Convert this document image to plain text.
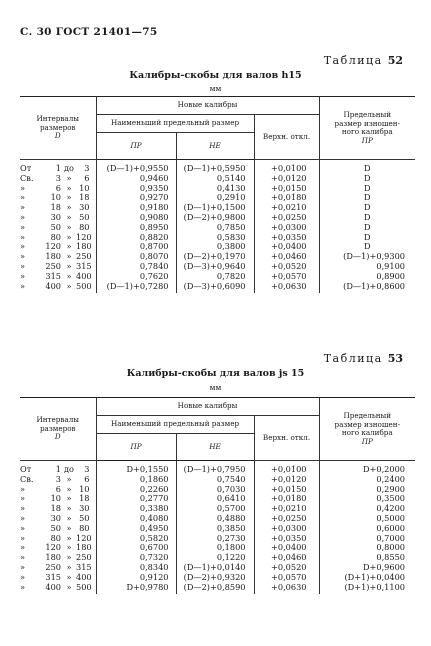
С. 30 ГОСТ 21401—75
Таблица 52
Калибры-скобы для валов h15
мм
Интервалы
размеров
D				Новые калибры			Предельный
размер изношен-
ного калибра
ПР
				Наименьший предельный размер		Верхн. откл.	
				ПР	НЕ		
От	1	до	3	(D—1)+0,9550	(D—1)+0,5950	+0,0100	D
Св.	3	»	6	0,9460	0,5140	+0,0120	D
»	6	»	10	0,9350	0,4130	+0,0150	D
»	10	»	18	0,9270	0,2910	+0,0180	D
»	18	»	30	0,9180	(D—1)+0,1500	+0,0210	D
»	30	»	50	0,9080	(D—2)+0,9800	+0,0250	D
»	50	»	80	0,8950	0,7850	+0,0300	D
»	80	»	120	0,8820	0,5830	+0,0350	D
»	120	»	180	0,8700	0,3800	+0,0400	D
»	180	»	250	0,8070	(D—2)+0,1970	+0,0460	(D—1)+0,9300
»	250	»	315	0,7840	(D—3)+0,9640	+0,0520	0,9100
»	315	»	400	0,7620	0,7820	+0,0570	0,8900
»	400	»	500	(D—1)+0,7280	(D—3)+0,6090	+0,0630	(D—1)+0,8600
Таблица 53
Калибры-скобы для валов js 15
мм
Интервалы
размеров
D				Новые калибры			Предельный
размер изношен-
ного калибра
ПР
				Наименьший предельный размер		Верхн. откл.	
				ПР	НЕ		
От	1	до	3	D+0,1550	(D—1)+0,7950	+0,0100	D+0,2000
Св.	3	»	6	0,1860	0,7540	+0,0120	0,2400
»	6	»	10	0,2260	0,7030	+0,0150	0,2900
»	10	»	18	0,2770	0,6410	+0,0180	0,3500
»	18	»	30	0,3380	0,5700	+0,0210	0,4200
»	30	»	50	0,4080	0,4880	+0,0250	0,5000
»	50	»	80	0,4950	0,3850	+0,0300	0,6000
»	80	»	120	0,5820	0,2730	+0,0350	0,7000
»	120	»	180	0,6700	0,1800	+0,0400	0,8000
»	180	»	250	0,7320	0,1220	+0,0460	0,8550
»	250	»	315	0,8340	(D—1)+0,0140	+0,0520	D+0,9600
»	315	»	400	0,9120	(D—2)+0,9320	+0,0570	(D+1)+0,0400
»	400	»	500	D+0,9780	(D—2)+0,8590	+0,0630	(D+1)+0,1100
